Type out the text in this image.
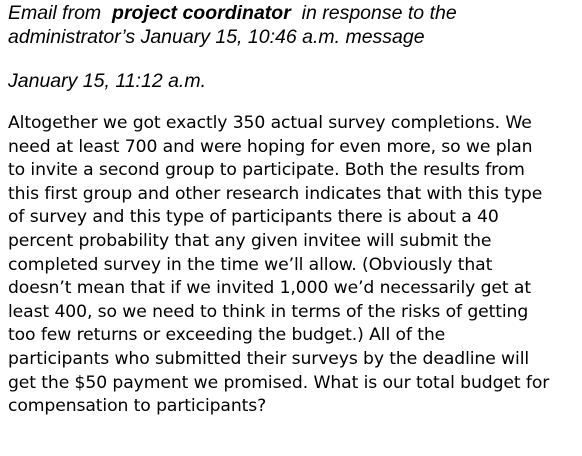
Email from project coordinator in response to the

administrator’s January 15, 10:46 a.m. message

January 15, 11:12 a.m.

Altogether we got exactly 350 actual survey completions. We
need at least 700 and were hoping for even more, so we plan
to invite a second group to participate. Both the results from
this first group and other research indicates that with this type
of survey and this type of participants there is about a 40
percent probability that any given invitee will submit the
completed survey in the time we’ll allow. (Obviously that
doesn’t mean that if we invited 1,000 we’d necessarily get at
least 400, so we need to think in terms of the risks of getting
too few returns or exceeding the budget.) All of the
participants who submitted their surveys by the deadline will
get the $50 payment we promised. What is our total budget for
compensation to participants?
